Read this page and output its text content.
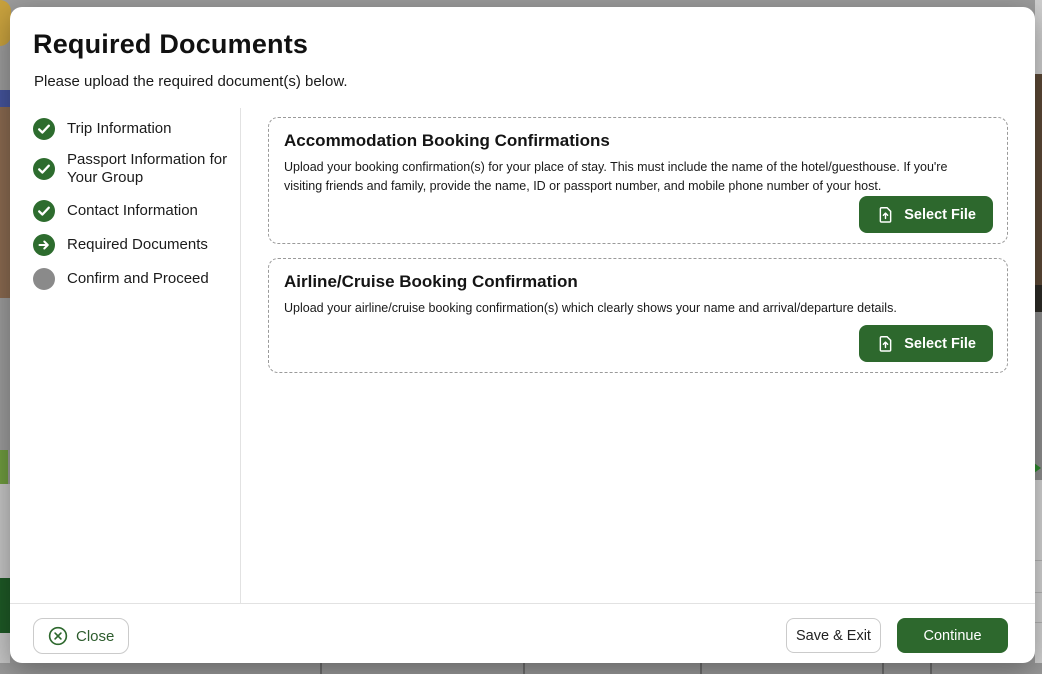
Required Documents
Please upload the required document(s) below.
Trip Information
Passport Information for Your Group
Contact Information
Required Documents
Confirm and Proceed
Accommodation Booking Confirmations
Upload your booking confirmation(s) for your place of stay. This must include the name of the hotel/guesthouse. If you're visiting friends and family, provide the name, ID or passport number, and mobile phone number of your host.
Select File
Airline/Cruise Booking Confirmation
Upload your airline/cruise booking confirmation(s) which clearly shows your name and arrival/departure details.
Select File
Close	Save & Exit	Continue
